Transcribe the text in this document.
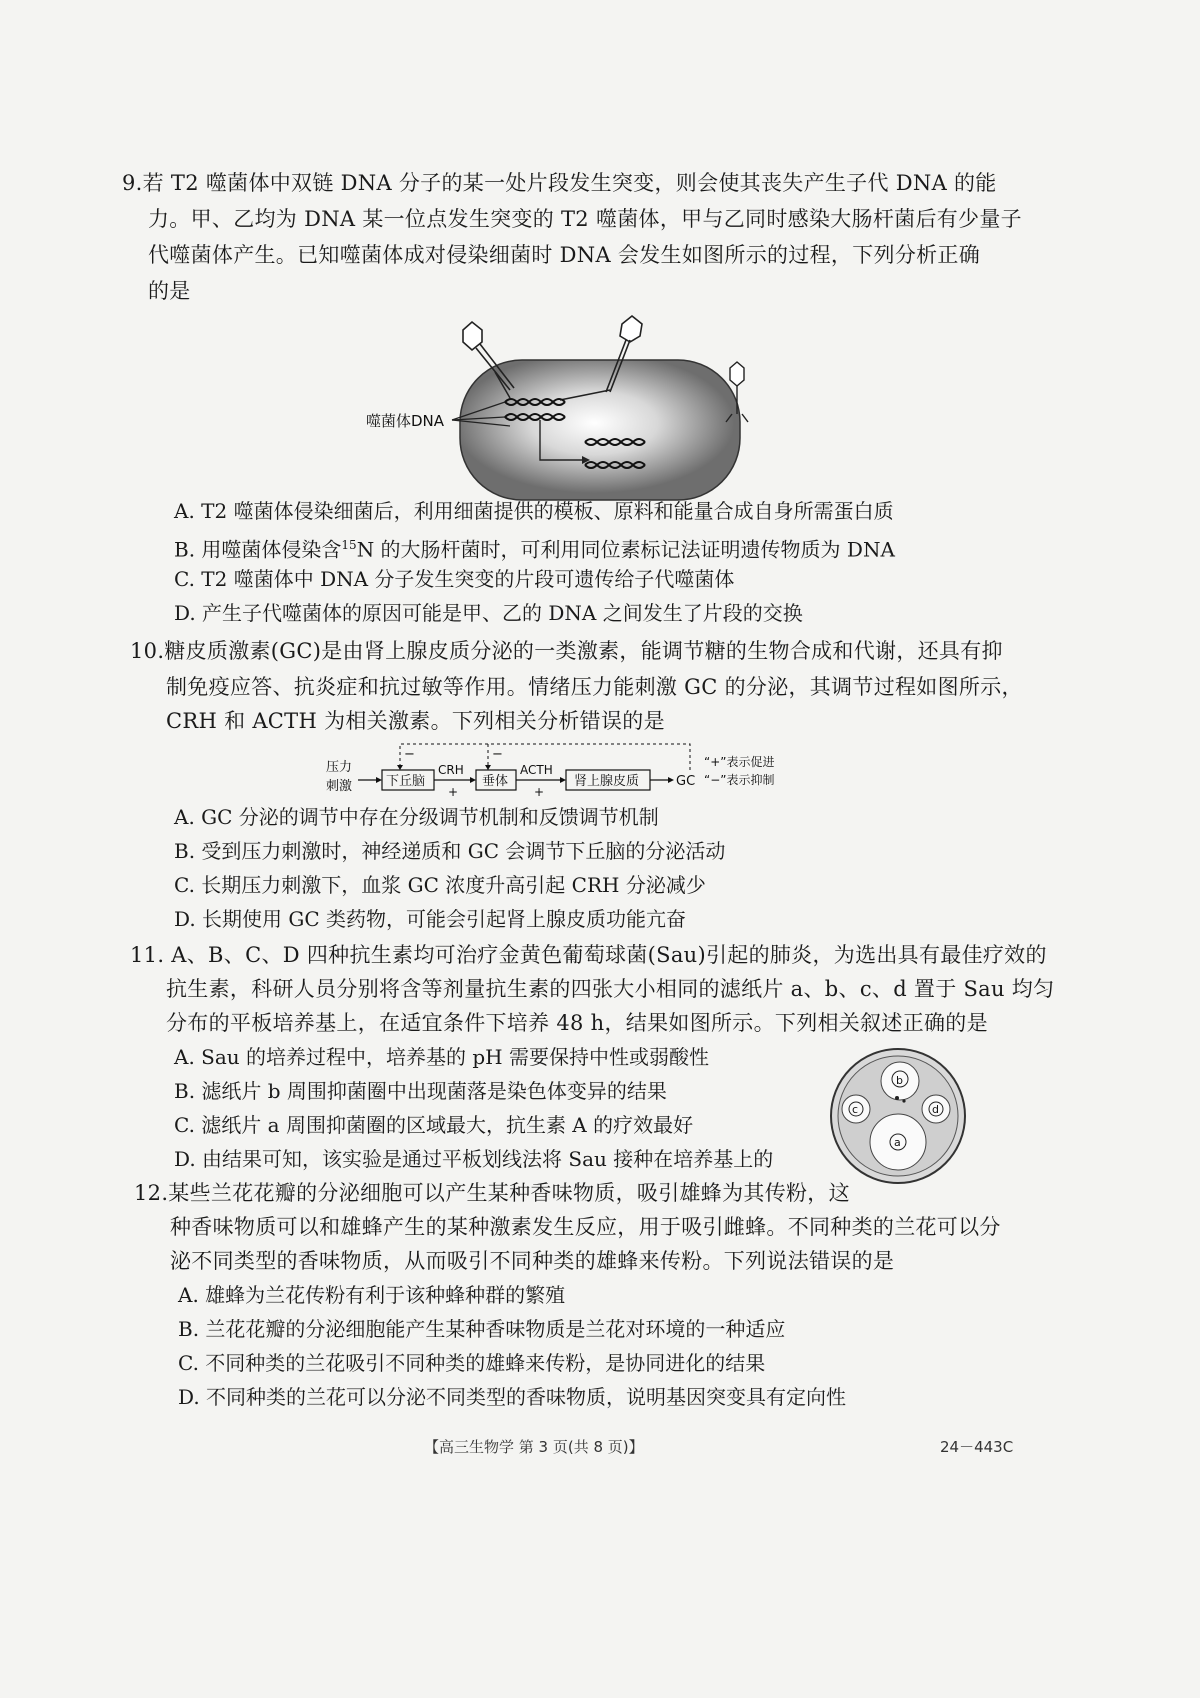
9.若 T2 噬菌体中双链 DNA 分子的某一处片段发生突变，则会使其丧失产生子代 DNA 的能
力。甲、乙均为 DNA 某一位点发生突变的 T2 噬菌体，甲与乙同时感染大肠杆菌后有少量子
代噬菌体产生。已知噬菌体成对侵染细菌时 DNA 会发生如图所示的过程，下列分析正确
的是
噬菌体DNA
A. T2 噬菌体侵染细菌后，利用细菌提供的模板、原料和能量合成自身所需蛋白质
B. 用噬菌体侵染含$^{15}$N 的大肠杆菌时，可利用同位素标记法证明遗传物质为 DNA
C. T2 噬菌体中 DNA 分子发生突变的片段可遗传给子代噬菌体
D. 产生子代噬菌体的原因可能是甲、乙的 DNA 之间发生了片段的交换
10.糖皮质激素(GC)是由肾上腺皮质分泌的一类激素，能调节糖的生物合成和代谢，还具有抑
制免疫应答、抗炎症和抗过敏等作用。情绪压力能刺激 GC 的分泌，其调节过程如图所示，
CRH 和 ACTH 为相关激素。下列相关分析错误的是
压力
刺激	下丘脑
CRH
+
垂体
ACTH
+
肾上腺皮质	GC
−	−	“+”表示促进
“−”表示抑制
A. GC 分泌的调节中存在分级调节机制和反馈调节机制
B. 受到压力刺激时，神经递质和 GC 会调节下丘脑的分泌活动
C. 长期压力刺激下，血浆 GC 浓度升高引起 CRH 分泌减少
D. 长期使用 GC 类药物，可能会引起肾上腺皮质功能亢奋
11. A、B、C、D 四种抗生素均可治疗金黄色葡萄球菌(Sau)引起的肺炎，为选出具有最佳疗效的
抗生素，科研人员分别将含等剂量抗生素的四张大小相同的滤纸片 a、b、c、d 置于 Sau 均匀
分布的平板培养基上，在适宜条件下培养 48 h，结果如图所示。下列相关叙述正确的是
A. Sau 的培养过程中，培养基的 pH 需要保持中性或弱酸性
B. 滤纸片 b 周围抑菌圈中出现菌落是染色体变异的结果
C. 滤纸片 a 周围抑菌圈的区域最大，抗生素 A 的疗效最好
D. 由结果可知，该实验是通过平板划线法将 Sau 接种在培养基上的
b
c	d
a
12.某些兰花花瓣的分泌细胞可以产生某种香味物质，吸引雄蜂为其传粉，这
种香味物质可以和雄蜂产生的某种激素发生反应，用于吸引雌蜂。不同种类的兰花可以分
泌不同类型的香味物质，从而吸引不同种类的雄蜂来传粉。下列说法错误的是
A. 雄蜂为兰花传粉有利于该种蜂种群的繁殖
B. 兰花花瓣的分泌细胞能产生某种香味物质是兰花对环境的一种适应
C. 不同种类的兰花吸引不同种类的雄蜂来传粉，是协同进化的结果
D. 不同种类的兰花可以分泌不同类型的香味物质，说明基因突变具有定向性
【高三生物学 第 3 页(共 8 页)】	24－443C
